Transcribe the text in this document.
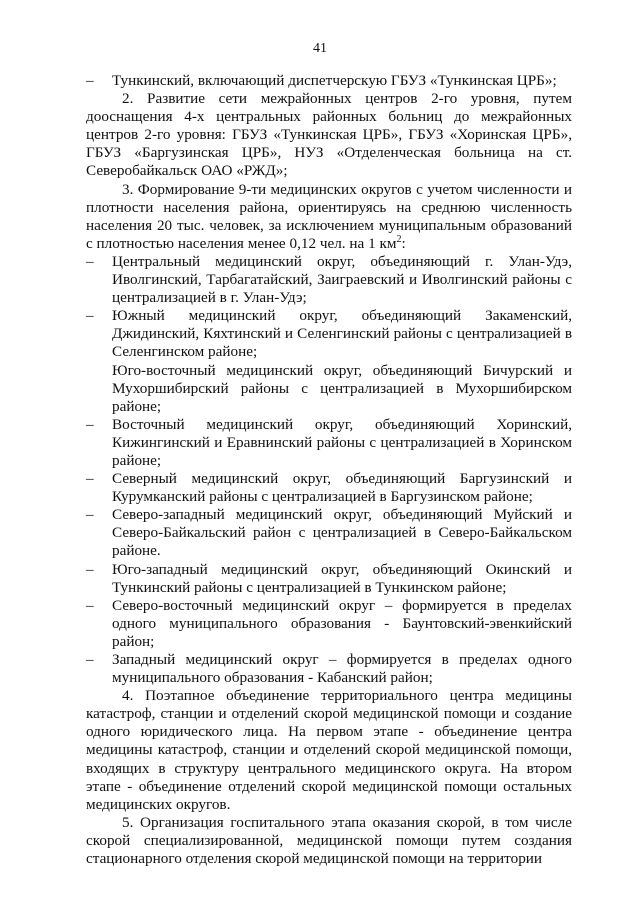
41
– Тункинский, включающий диспетчерскую ГБУЗ «Тункинская ЦРБ»;
2. Развитие сети межрайонных центров 2-го уровня, путем дооснащения 4-х центральных районных больниц до межрайонных центров 2-го уровня: ГБУЗ «Тункинская ЦРБ», ГБУЗ «Хоринская ЦРБ», ГБУЗ «Баргузинская ЦРБ», НУЗ «Отделенческая больница на ст. Северобайкальск ОАО «РЖД»;
3. Формирование 9-ти медицинских округов с учетом численности и плотности населения района, ориентируясь на среднюю численность населения 20 тыс. человек, за исключением муниципальным образований с плотностью населения менее 0,12 чел. на 1 $км^2$:
– Центральный медицинский округ, объединяющий г. Улан-Удэ, Иволгинский, Тарбагатайский, Заиграевский и Иволгинский районы с централизацией в г. Улан-Удэ;
– Южный медицинский округ, объединяющий Закаменский, Джидинский, Кяхтинский и Селенгинский районы с централизацией в Селенгинском районе;
Юго-восточный медицинский округ, объединяющий Бичурский и Мухоршибирский районы с централизацией в Мухоршибирском районе;
– Восточный медицинский округ, объединяющий Хоринский, Кижингинский и Еравнинский районы с централизацией в Хоринском районе;
– Северный медицинский округ, объединяющий Баргузинский и Курумканский районы с централизацией в Баргузинском районе;
– Северо-западный медицинский округ, объединяющий Муйский и Северо-Байкальский район с централизацией в Северо-Байкальском районе.
– Юго-западный медицинский округ, объединяющий Окинский и Тункинский районы с централизацией в Тункинском районе;
– Северо-восточный медицинский округ – формируется в пределах одного муниципального образования - Баунтовский-эвенкийский район;
– Западный медицинский округ – формируется в пределах одного муниципального образования - Кабанский район;
4. Поэтапное объединение территориального центра медицины катастроф, станции и отделений скорой медицинской помощи и создание одного юридического лица. На первом этапе - объединение центра медицины катастроф, станции и отделений скорой медицинской помощи, входящих в структуру центрального медицинского округа. На втором этапе - объединение отделений скорой медицинской помощи остальных медицинских округов.
5. Организация госпитального этапа оказания скорой, в том числе скорой специализированной, медицинской помощи путем создания стационарного отделения скорой медицинской помощи на территории
